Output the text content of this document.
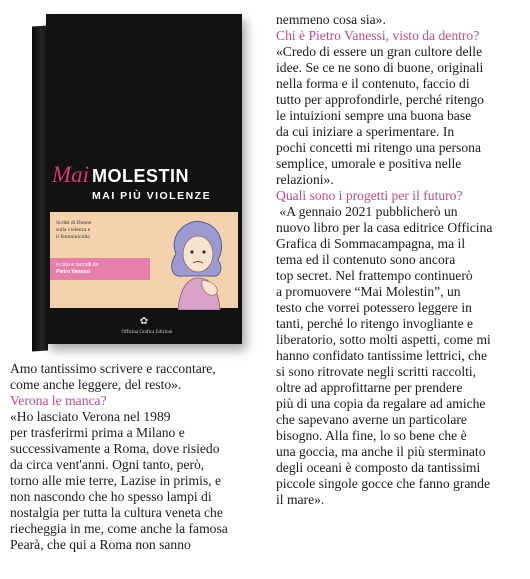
Mai MOLESTIN
MAI PIÙ VIOLENZE
Scritti di Donne
sulla violenza e
il femminicidio
a cura e raccolti da
Pietro Vanessi
✿
Officina Grafica Edizioni
Amo tantissimo scrivere e raccontare,
come anche leggere, del resto».
Verona le manca?
«Ho lasciato Verona nel 1989
per trasferirmi prima a Milano e
successivamente a Roma, dove risiedo
da circa vent'anni. Ogni tanto, però,
torno alle mie terre, Lazise in primis, e
non nascondo che ho spesso lampi di
nostalgia per tutta la cultura veneta che
riecheggia in me, come anche la famosa
Pearà, che qui a Roma non sanno
nemmeno cosa sia».
Chi è Pietro Vanessi, visto da dentro?
«Credo di essere un gran cultore delle
idee. Se ce ne sono di buone, originali
nella forma e il contenuto, faccio di
tutto per approfondirle, perché ritengo
le intuizioni sempre una buona base
da cui iniziare a sperimentare. In
pochi concetti mi ritengo una persona
semplice, umorale e positiva nelle
relazioni».
Quali sono i progetti per il futuro?
«A gennaio 2021 pubblicherò un
nuovo libro per la casa editrice Officina
Grafica di Sommacampagna, ma il
tema ed il contenuto sono ancora
top secret. Nel frattempo continuerò
a promuovere “Mai Molestin”, un
testo che vorrei potessero leggere in
tanti, perché lo ritengo invogliante e
liberatorio, sotto molti aspetti, come mi
hanno confidato tantissime lettrici, che
si sono ritrovate negli scritti raccolti,
oltre ad approfittarne per prendere
più di una copia da regalare ad amiche
che sapevano averne un particolare
bisogno. Alla fine, lo so bene che è
una goccia, ma anche il più sterminato
degli oceani è composto da tantissimi
piccole singole gocce che fanno grande
il mare».
